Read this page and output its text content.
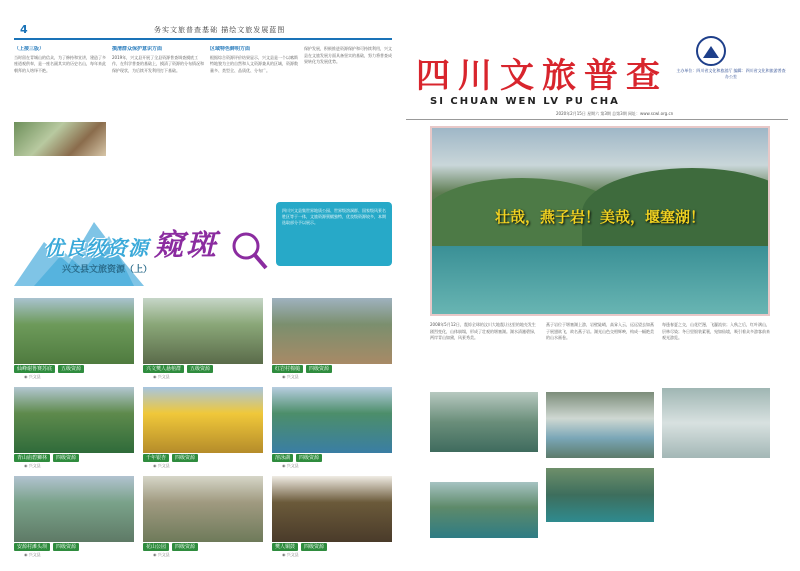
4	务实文旅普查基础 描绘文旅发展蓝图
（上接三版）
当时留在青城山的信众，为了修持和宣讲，建造了多座道观供奉，是一座名副其实的历史名山，每年来此朝拜的人络绎不绝。
摸清群众保护意识方面
2019年，兴文县开展了全县资源普查调查摸底工作，在科学普查的基础上，摸清了资源的分布情况和保护现状，为后续开发利用打下基础。
区域特色鲜明方面
根据综合资源评价结果显示，兴文县是一个以喀斯特地貌为主的自然和人文资源兼具的区域，资源数量多、类型全、品质优、分布广。
保护发展，积极推进资源保护和可持续利用，兴文县在文旅发展方面具备坚实的基础，努力将普查成果转化为发展优势。
优良级资源 窥斑
兴文县文旅资源（上）
四川兴文县集世界地质公园、世界级溶洞群、国家级风景名胜区等于一体，文旅资源禀赋独特，优良级资源较多，本期选取部分予以展示。
仙峰谢鲁赛苏底	五级资源
◉ 兴文县
兴文僰人悬棺群	五级资源
◉ 兴文县
红岩村棉槌	四级资源
◉ 兴文县
青山庙碧狮林	四级资源
◉ 兴文县
千年银杏	四级资源
◉ 兴文县
溶泳湖	四级资源
◉ 兴文县
安源村滩头坝	四级资源
◉ 兴文县
花山公园	四级资源
◉ 兴文县
僰人铜鼓	四级资源
◉ 兴文县
四川文旅普查
SI CHUAN WEN LV PU CHA
主办单位：四川省文化和旅游厅 编辑：四川省文化和旅游普查办公室
2020年2月15日 星期六 第3期 总第3期 网址：www.scwl.org.cn
壮哉，燕子岩！美哉，堰塞湖！
2008年5月12日，震惊全球的汶川大地震让这里的地壳发生剧烈变化，山体崩塌，形成了壮观的堰塞湖。湖水清澈碧绿，两岸青山如黛，风景秀美。
燕子岩位于堰塞湖上游，岩壁陡峭，高耸入云，远远望去如燕子展翅欲飞，故名燕子岩。湖光山色交相辉映，构成一幅绝美的山水画卷。
每逢春夏之交，山花烂漫，飞瀑流泉；入秋之后，红叶满山，层林尽染；冬日里银装素裹，宛如仙境，吸引着众多游客前来观光游览。
